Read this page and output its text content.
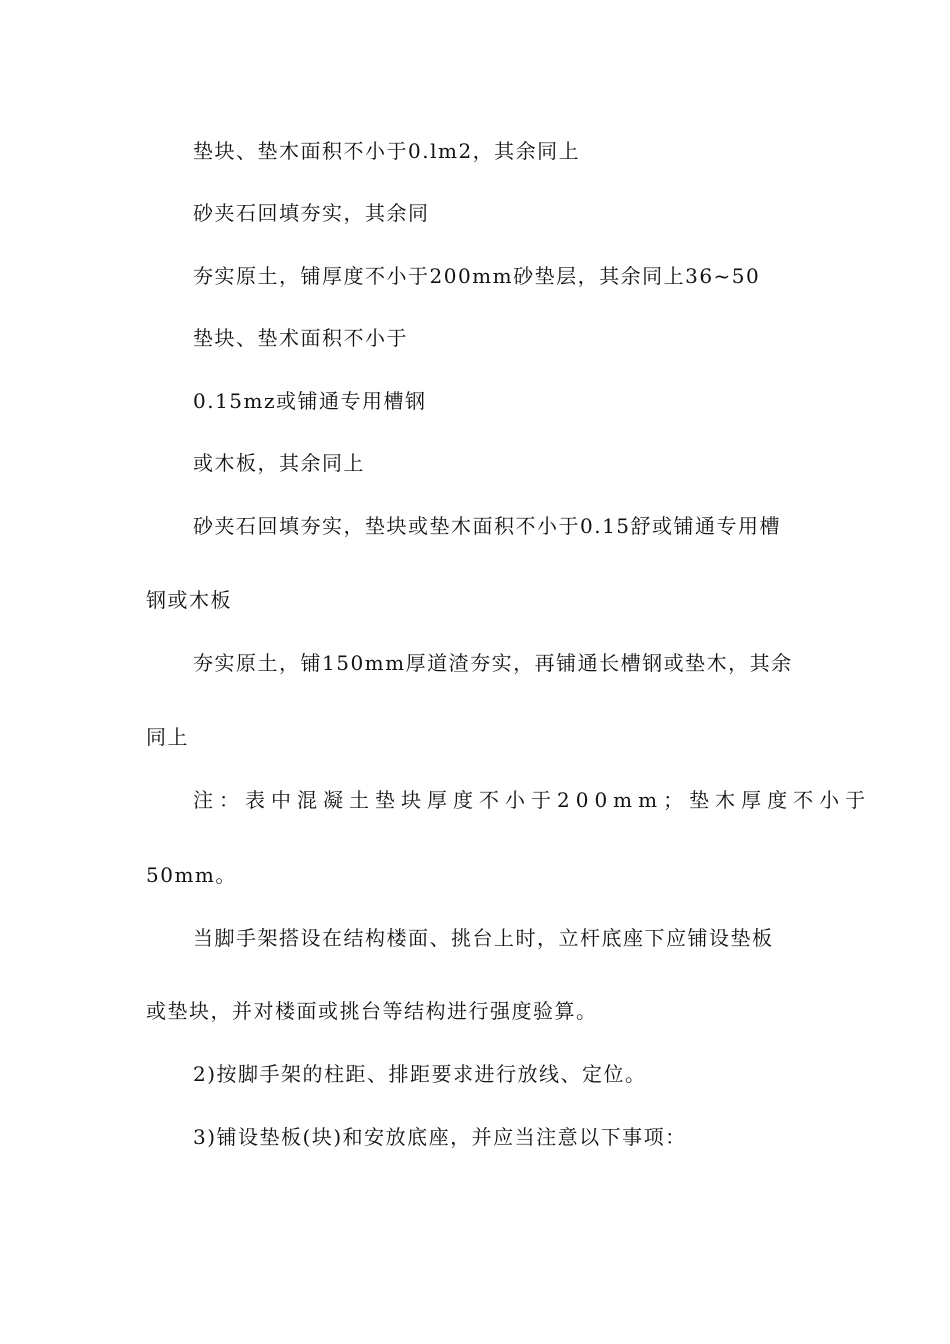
垫块、垫木面积不小于0.lm2，其余同上
砂夹石回填夯实，其余同
夯实原土，铺厚度不小于200mm砂垫层，其余同上36~50
垫块、垫术面积不小于
0.15mz或铺通专用槽钢
或木板，其余同上
砂夹石回填夯实，垫块或垫木面积不小于0.15舒或铺通专用槽
钢或木板
夯实原土，铺150mm厚道渣夯实，再铺通长槽钢或垫木，其余
同上
注：表中混凝土垫块厚度不小于200mm；垫木厚度不小于
50mm。
当脚手架搭设在结构楼面、挑台上时，立杆底座下应铺设垫板
或垫块，并对楼面或挑台等结构进行强度验算。
2)按脚手架的柱距、排距要求进行放线、定位。
3)铺设垫板(块)和安放底座，并应当注意以下事项：
